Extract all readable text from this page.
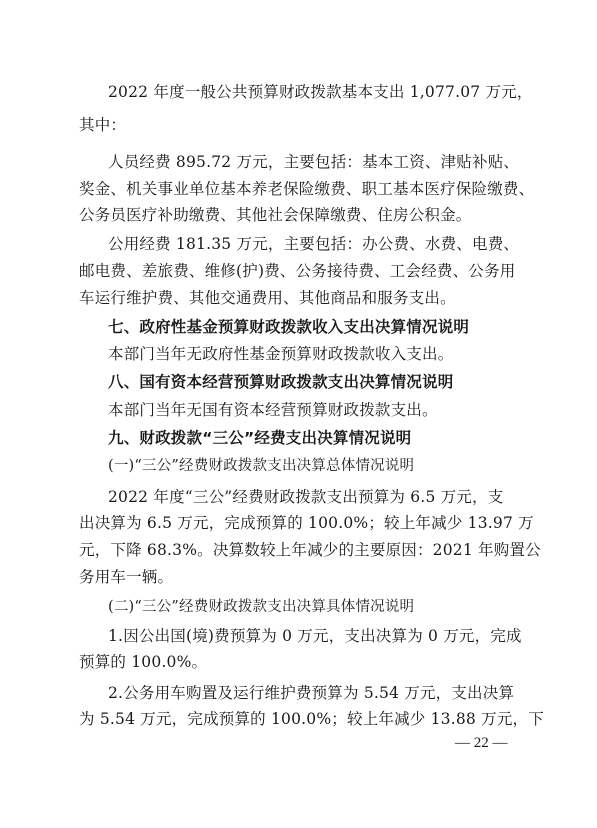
2022 年度一般公共预算财政拨款基本支出 1,077.07 万元，
其中：
人员经费 895.72 万元，主要包括：基本工资、津贴补贴、
奖金、机关事业单位基本养老保险缴费、职工基本医疗保险缴费、
公务员医疗补助缴费、其他社会保障缴费、住房公积金。
公用经费 181.35 万元，主要包括：办公费、水费、电费、
邮电费、差旅费、维修(护)费、公务接待费、工会经费、公务用
车运行维护费、其他交通费用、其他商品和服务支出。
七、政府性基金预算财政拨款收入支出决算情况说明
本部门当年无政府性基金预算财政拨款收入支出。
八、国有资本经营预算财政拨款支出决算情况说明
本部门当年无国有资本经营预算财政拨款支出。
九、财政拨款“三公”经费支出决算情况说明
(一)“三公”经费财政拨款支出决算总体情况说明
2022 年度“三公”经费财政拨款支出预算为 6.5 万元，支
出决算为 6.5 万元，完成预算的 100.0%；较上年减少 13.97 万
元，下降 68.3%。决算数较上年减少的主要原因：2021 年购置公
务用车一辆。
(二)“三公”经费财政拨款支出决算具体情况说明
1.因公出国(境)费预算为 0 万元，支出决算为 0 万元，完成
预算的 100.0%。
2.公务用车购置及运行维护费预算为 5.54 万元，支出决算
为 5.54 万元，完成预算的 100.0%；较上年减少 13.88 万元，下
— 22 —
